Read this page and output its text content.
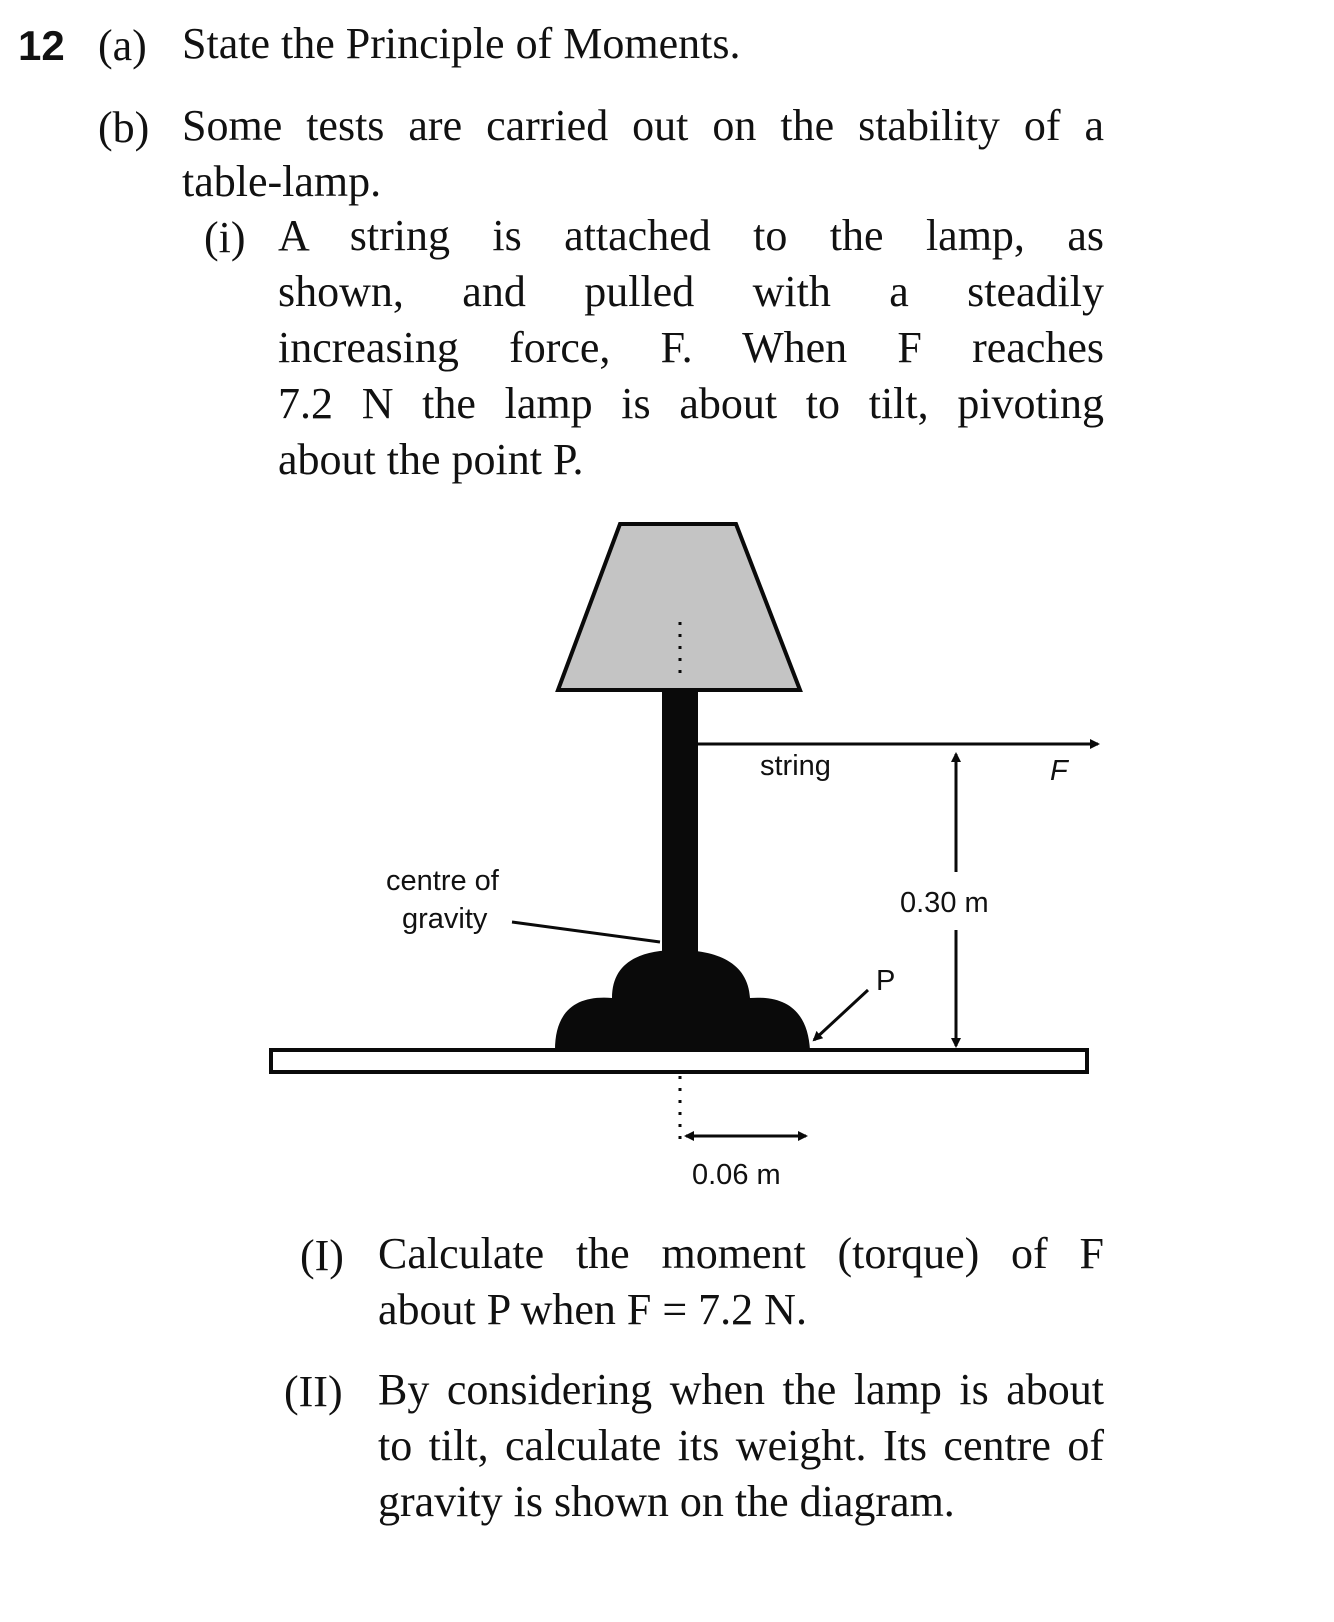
12 (a) State the Principle of Moments.
(b) Some tests are carried out on the stability of a
table-lamp.
(i) A string is attached to the lamp, as
shown, and pulled with a steadily
increasing force, F. When F reaches
7.2 N the lamp is about to tilt, pivoting
about the point P.
string	F
0.30 m
centre of
gravity
P
0.06 m
(I) Calculate the moment (torque) of F
about P when F = 7.2 N.
(II) By considering when the lamp is about
to tilt, calculate its weight. Its centre of
gravity is shown on the diagram.
